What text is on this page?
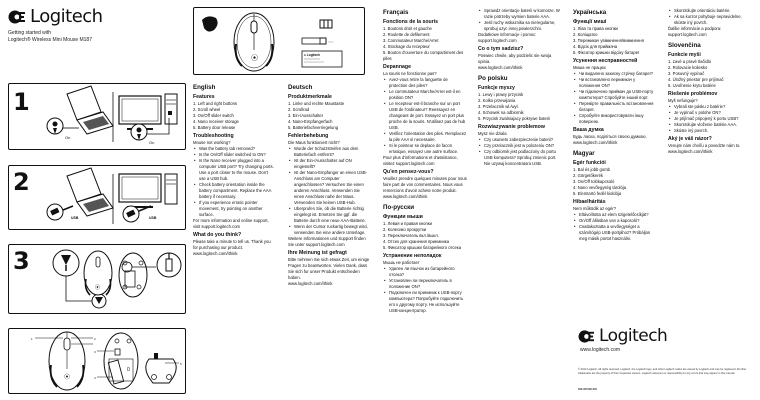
Logitech
Getting started with
Logitech® Wireless Mini Mouse M187
⦿
○○○
● Logitech
1
On
On
2
USB	USB
3
⦿
⦿
1	2
0
3
4
5
English
Features
1. Left and right buttons
2. Scroll wheel
3. On/Off slider switch
4. Nano receiver storage
5. Battery door release
Troubleshooting
Mouse not working?
• Was the battery tab removed?
• Is the On/Off slider switched to ON?
• Is the Nano receiver plugged into a computer USB port? Try changing ports. Use a port closer to the mouse. Don't use a USB hub.
• Check battery orientation inside the battery compartment. Replace the AAA battery if necessary.
• If you experience erratic pointer movement, try pointing on another surface.
For more information and online support, visit support.logitech.com
What do you think?
Please take a minute to tell us. Thank you for purchasing our product.
www.logitech.com/ithink
Deutsch
Produktmerkmale
1. Linke und rechte Maustaste
2. Scrollrad
3. Ein-/Ausschalter
4. Nano-Empfangerfach
5. Batteriefachverriegelung
Fehlerbehebung
Die Maus funktioniert nicht?
• Wurde der Schutzstreifen aus dem Batteriefach entfernt?
• Ist der Ein-/Ausschalter auf ON eingestellt?
• Ist der Nano-Empfanger an einen USB-Anschluss am Computer angeschlossen? Versuchen Sie einen anderen Anschluss. Verwenden Sie einen Anschluss nahe der Maus. Verwenden Sie keinen USB-Hub.
• Uberprufen Sie, ob die Batterie richtig eingelegt ist. Ersetzen Sie ggf. die Batterie durch eine neue AAA-Batterie.
• Wenn der Cursor ruckartig bewegt wird, verwenden Sie eine andere Unterlage.
Weitere Informationen und Support finden Sie unter support.logitech.com
Ihre Meinung ist gefragt
Bitte nehmen Sie sich etwas Zeit, um einige Fragen zu beantworten. Vielen Dank, dass Sie sich fur unser Produkt entschieden haben.
www.logitech.com/ithink
Français
Fonctions de la souris
1. Boutons droit et gauche
2. Roulette de defilement
3. Commutateur Marche/Arret
4. Stockage du recepteur
5. Bouton d'ouverture du compartiment des piles
Depannage
La souris ne fonctionne pas?
• Avez-vous retire la languette de protection des piles?
• Le commutateur Marche/Arret est-il en position ON?
• Le recepteur est-il branche sur un port USB de l'ordinateur? Reessayez en changeant de port. Essayez un port plus proche de la souris. N'utilisez pas de hub USB.
• Verifiez l'orientation des piles. Remplacez la pile AAA si necessaire.
• Si le pointeur se deplace de facon erratique, essayez une autre surface.
Pour plus d'informations et d'assistance, visitez support.logitech.com
Qu'en pensez-vous?
Veuillez prendre quelques minutes pour nous faire part de vos commentaires. Nous vous remercions d'avoir achete notre produit.
www.logitech.com/ithink
По-русски
Функции мыши
1. Левая и правая кнопки
2. Колесико прокрутки
3. Переключатель вкл./выкл.
4. Отсек для хранения приемника
5. Фиксатор крышки батарейного отсека
Устранение неполадок
Мышь не работает
• Удален ли язычок из батарейного отсека?
• Установлен ли переключатель в положение ON?
• Подключен ли приемник к USB-порту компьютера? Попробуйте подключить его к другому порту. Не используйте USB-концентратор.
• Sprawdz orientacje baterii w komorze. W razie potrzeby wymien baterie AAA.
• Jesli ruchy wskaznika sa nieregularne, sprobuj uzyc innej powierzchni.
Dodatkowe informacje i pomoc: support.logitech.com
Co o tym sadzisz?
Poswiec chwile, aby podzielic sie swoja opinia.
www.logitech.com/ithink
Po polsku
Funkcje myszy
1. Lewy i prawy przycisk
2. Kolko przewijania
3. Przelacznik wl./wyl.
4. Schowek na odbiornik
5. Przycisk zwalniajacy pokrywe baterii
Rozwiazywanie problemow
Mysz nie dziala
• Czy usunieto zabezpieczenie baterii?
• Czy przelacznik jest w polozeniu ON?
• Czy odbiornik jest podlaczony do portu USB komputera? Sprobuj zmienic port. Nie uzywaj koncentratora USB.
Українська
Функції миші
1. Ліва та права кнопки
2. Коліщатко
3. Перемикач увімкнення/вимкнення
4. Відсік для приймача
5. Фіксатор кришки відсіку батареї
Усунення несправностей
Миша не працює
• Чи видалено захисну стрічку батареї?
• Чи встановлено перемикач у положення ON?
• Чи підключено приймач до USB-порту комп'ютера? Спробуйте інший порт.
• Перевірте правильність встановлення батареї.
• Спробуйте використовувати іншу поверхню.
Ваша думка
Будь ласка, поділіться своєю думкою.
www.logitech.com/ithink
Magyar
Egér funkciói
1. Bal és jobb gomb
2. Görgetőkerék
3. On/Off tolókapcsoló
4. Nano vevőegység tárolója
5. Elemtartó fedél kioldója
Hibaelhárítás
Nem működik az egér?
• Eltávolította az elem szigetelőcsíkját?
• On/Off állásban van a kapcsoló?
• Csatlakoztatta a vevőegységet a számítógép USB-portjához? Próbáljon meg másik portot használni.
• Skontrolujte orientáciu batérie.
• Ak sa kurzor pohybuje nepravidelne, skúste iný povrch.
Ďalšie informácie a podpora: support.logitech.com
Slovenčina
Funkcie myši
1. Ľavé a pravé tlačidlo
2. Rolovacie koliesko
3. Posuvný vypínač
4. Úložný priestor pre prijímač
5. Uvoľnenie krytu batérie
Riešenie problémov
Myš nefunguje?
• Vybrali ste pásku z batérie?
• Je vypínač v polohe ON?
• Je prijímač pripojený k portu USB?
• Skontrolujte vloženie batérie AAA.
• Skúste iný povrch.
Aký je váš názor?
Venujte nám chvíľu a povedzte nám to.
www.logitech.com/ithink
Logitech
www.logitech.com
© 2013 Logitech. All rights reserved. Logitech, the Logitech logo, and other Logitech marks are owned by Logitech and may be registered. All other trademarks are the property of their respective owners. Logitech assumes no responsibility for any errors that may appear in this manual.
620-005190.002
